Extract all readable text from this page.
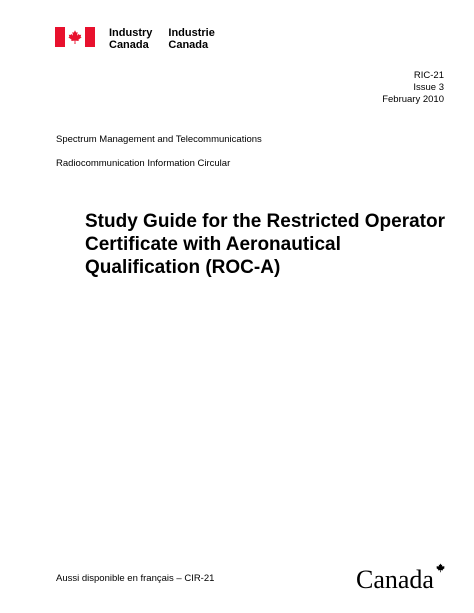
Industry
Canada
Industrie
Canada
RIC-21
Issue 3
February 2010
Spectrum Management and Telecommunications
Radiocommunication Information Circular
Study Guide for the Restricted Operator
Certificate with Aeronautical
Qualification (ROC-A)
Aussi disponible en français – CIR-21	Canada
